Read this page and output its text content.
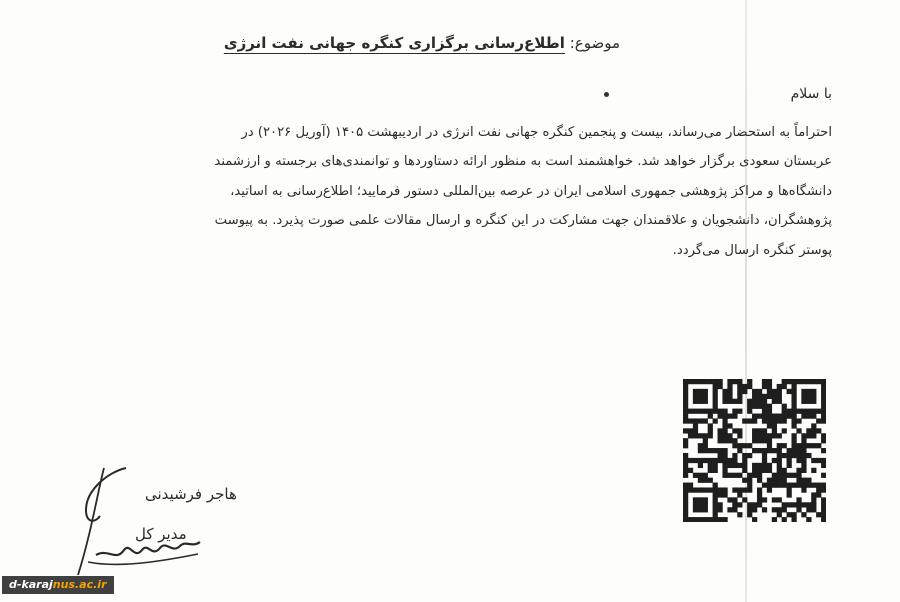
موضوع: اطلاع‌رسانی برگزاری کنگره جهانی نفت انرژی
با سلام
احتراماً به استحضار می‌رساند، بیست و پنجمین کنگره جهانی نفت انرژی در اردیبهشت ۱۴۰۵ (آوریل ۲۰۲۶) در
عربستان سعودی برگزار خواهد شد. خواهشمند است به منظور ارائه دستاوردها و توانمندی‌های برجسته و ارزشمند
دانشگاه‌ها و مراکز پژوهشی جمهوری اسلامی ایران در عرصه بین‌المللی دستور فرمایید؛ اطلاع‌رسانی به اساتید،
پژوهشگران، دانشجویان و علاقمندان جهت مشارکت در این کنگره و ارسال مقالات علمی صورت پذیرد. به پیوست
پوستر کنگره ارسال می‌گردد.
هاجر فرشیدنی
مدیر کل
d-karajnus.ac.ir
